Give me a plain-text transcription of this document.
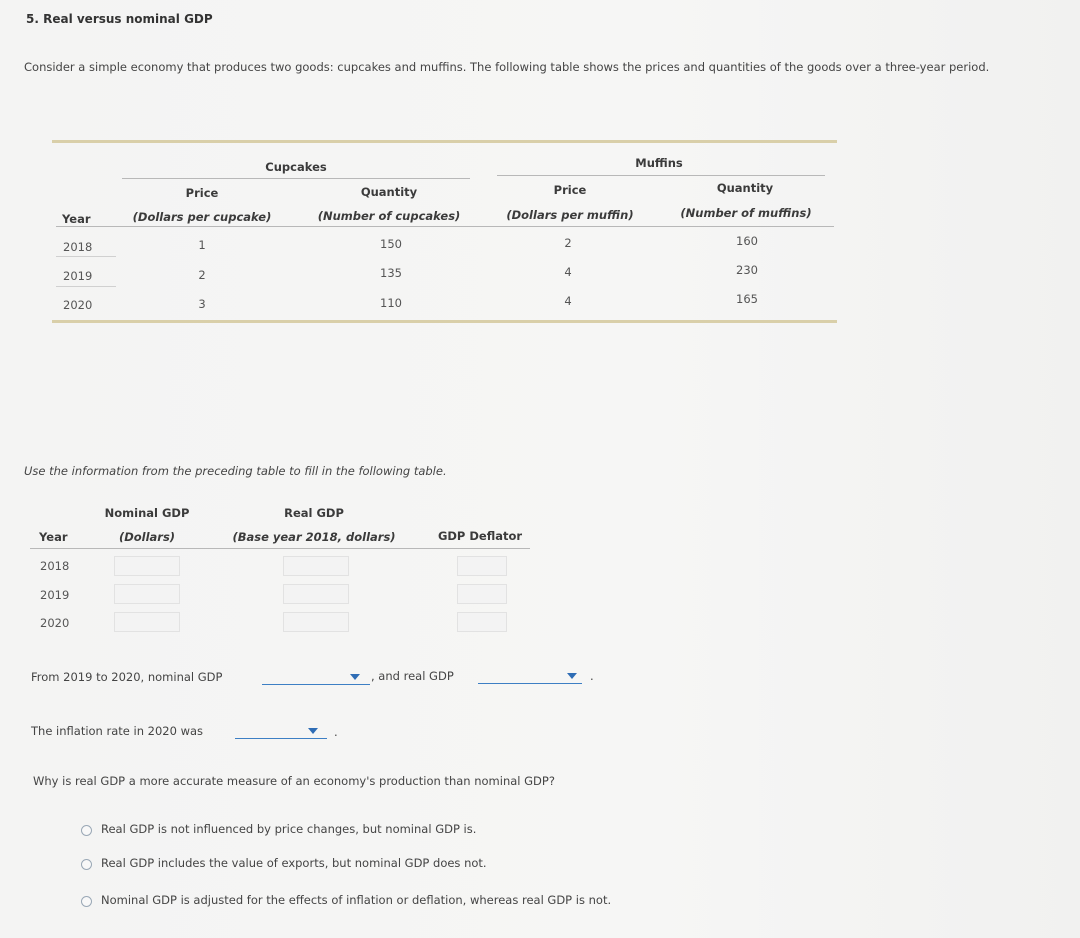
5. Real versus nominal GDP
Consider a simple economy that produces two goods: cupcakes and muffins. The following table shows the prices and quantities of the goods over a three-year period.
Cupcakes	Muffins
Price	Quantity	Price	Quantity
Year	(Dollars per cupcake)	(Number of cupcakes)	(Dollars per muffin)	(Number of muffins)
2018	1	150	2	160
2019	2	135	4	230
2020	3	110	4	165
Use the information from the preceding table to fill in the following table.
Nominal GDP	Real GDP
Year	(Dollars)	(Base year 2018, dollars)	GDP Deflator
2018
2019
2020
From 2019 to 2020, nominal GDP	, and real GDP	.
The inflation rate in 2020 was	.
Why is real GDP a more accurate measure of an economy's production than nominal GDP?
Real GDP is not influenced by price changes, but nominal GDP is.
Real GDP includes the value of exports, but nominal GDP does not.
Nominal GDP is adjusted for the effects of inflation or deflation, whereas real GDP is not.
